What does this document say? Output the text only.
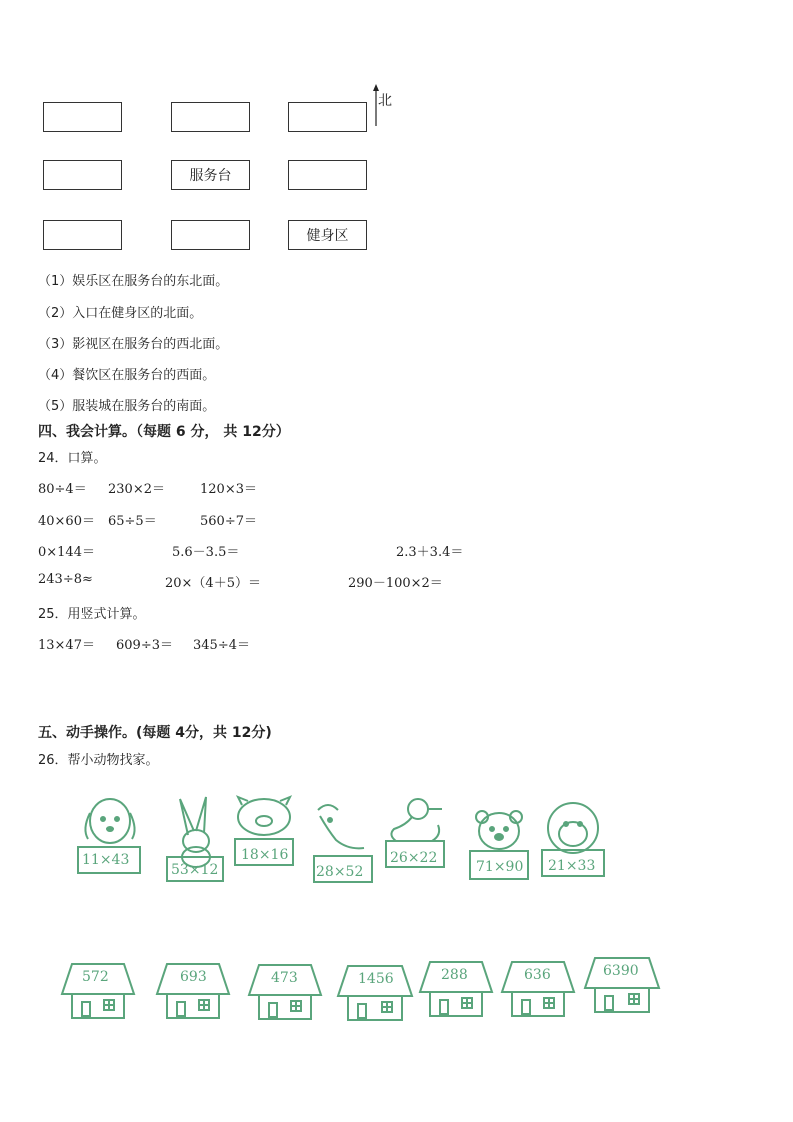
北
服务台
健身区
（1）娱乐区在服务台的东北面。
（2）入口在健身区的北面。
（3）影视区在服务台的西北面。
（4）餐饮区在服务台的西面。
（5）服装城在服务台的南面。
四、我会计算。（每题 6 分， 共 12分）
24．口算。
80÷4＝ 230×2＝	120×3＝
40×60＝ 65÷5＝	560÷7＝
0×144＝	5.6－3.5＝	2.3＋3.4＝
243÷8≈	20×（4＋5）＝	290－100×2＝
25．用竖式计算。
13×47＝ 609÷3＝ 345÷4＝
五、动手操作。(每题 4分，共 12分)
26．帮小动物找家。
11×43
53×12
18×16
28×52
26×22
71×90 21×33
572	693	473	1456	288	636	6390
